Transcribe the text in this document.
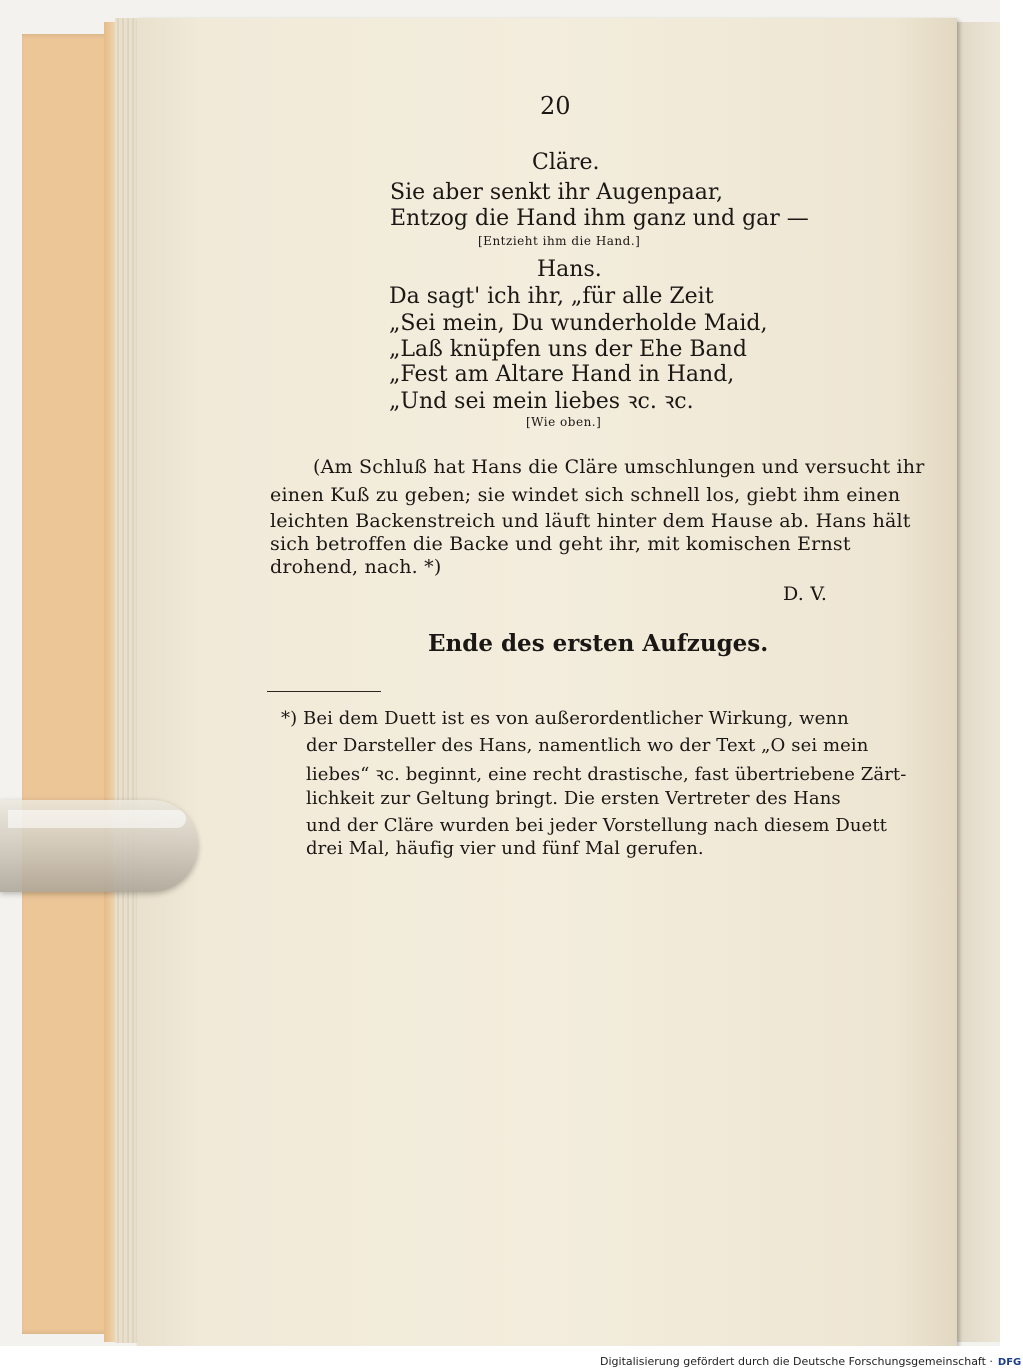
20
Cläre.
Sie aber senkt ihr Augenpaar,
Entzog die Hand ihm ganz und gar —
[Entzieht ihm die Hand.]
Hans.
Da sagt' ich ihr, „für alle Zeit
„Sei mein, Du wunderholde Maid,
„Laß knüpfen uns der Ehe Band
„Fest am Altare Hand in Hand,
„Und sei mein liebes ꝛc. ꝛc.
[Wie oben.]
(Am Schluß hat Hans die Cläre umschlungen und versucht ihr
einen Kuß zu geben; sie windet sich schnell los, giebt ihm einen
leichten Backenstreich und läuft hinter dem Hause ab. Hans hält
sich betroffen die Backe und geht ihr, mit komischen Ernst
drohend, nach. *)
D. V.
Ende des ersten Aufzuges.
*) Bei dem Duett ist es von außerordentlicher Wirkung, wenn
der Darsteller des Hans, namentlich wo der Text „O sei mein
liebes“ ꝛc. beginnt, eine recht drastische, fast übertriebene Zärt-
lichkeit zur Geltung bringt. Die ersten Vertreter des Hans
und der Cläre wurden bei jeder Vorstellung nach diesem Duett
drei Mal, häufig vier und fünf Mal gerufen.
Digitalisierung gefördert durch die Deutsche Forschungsgemeinschaft · DFG
